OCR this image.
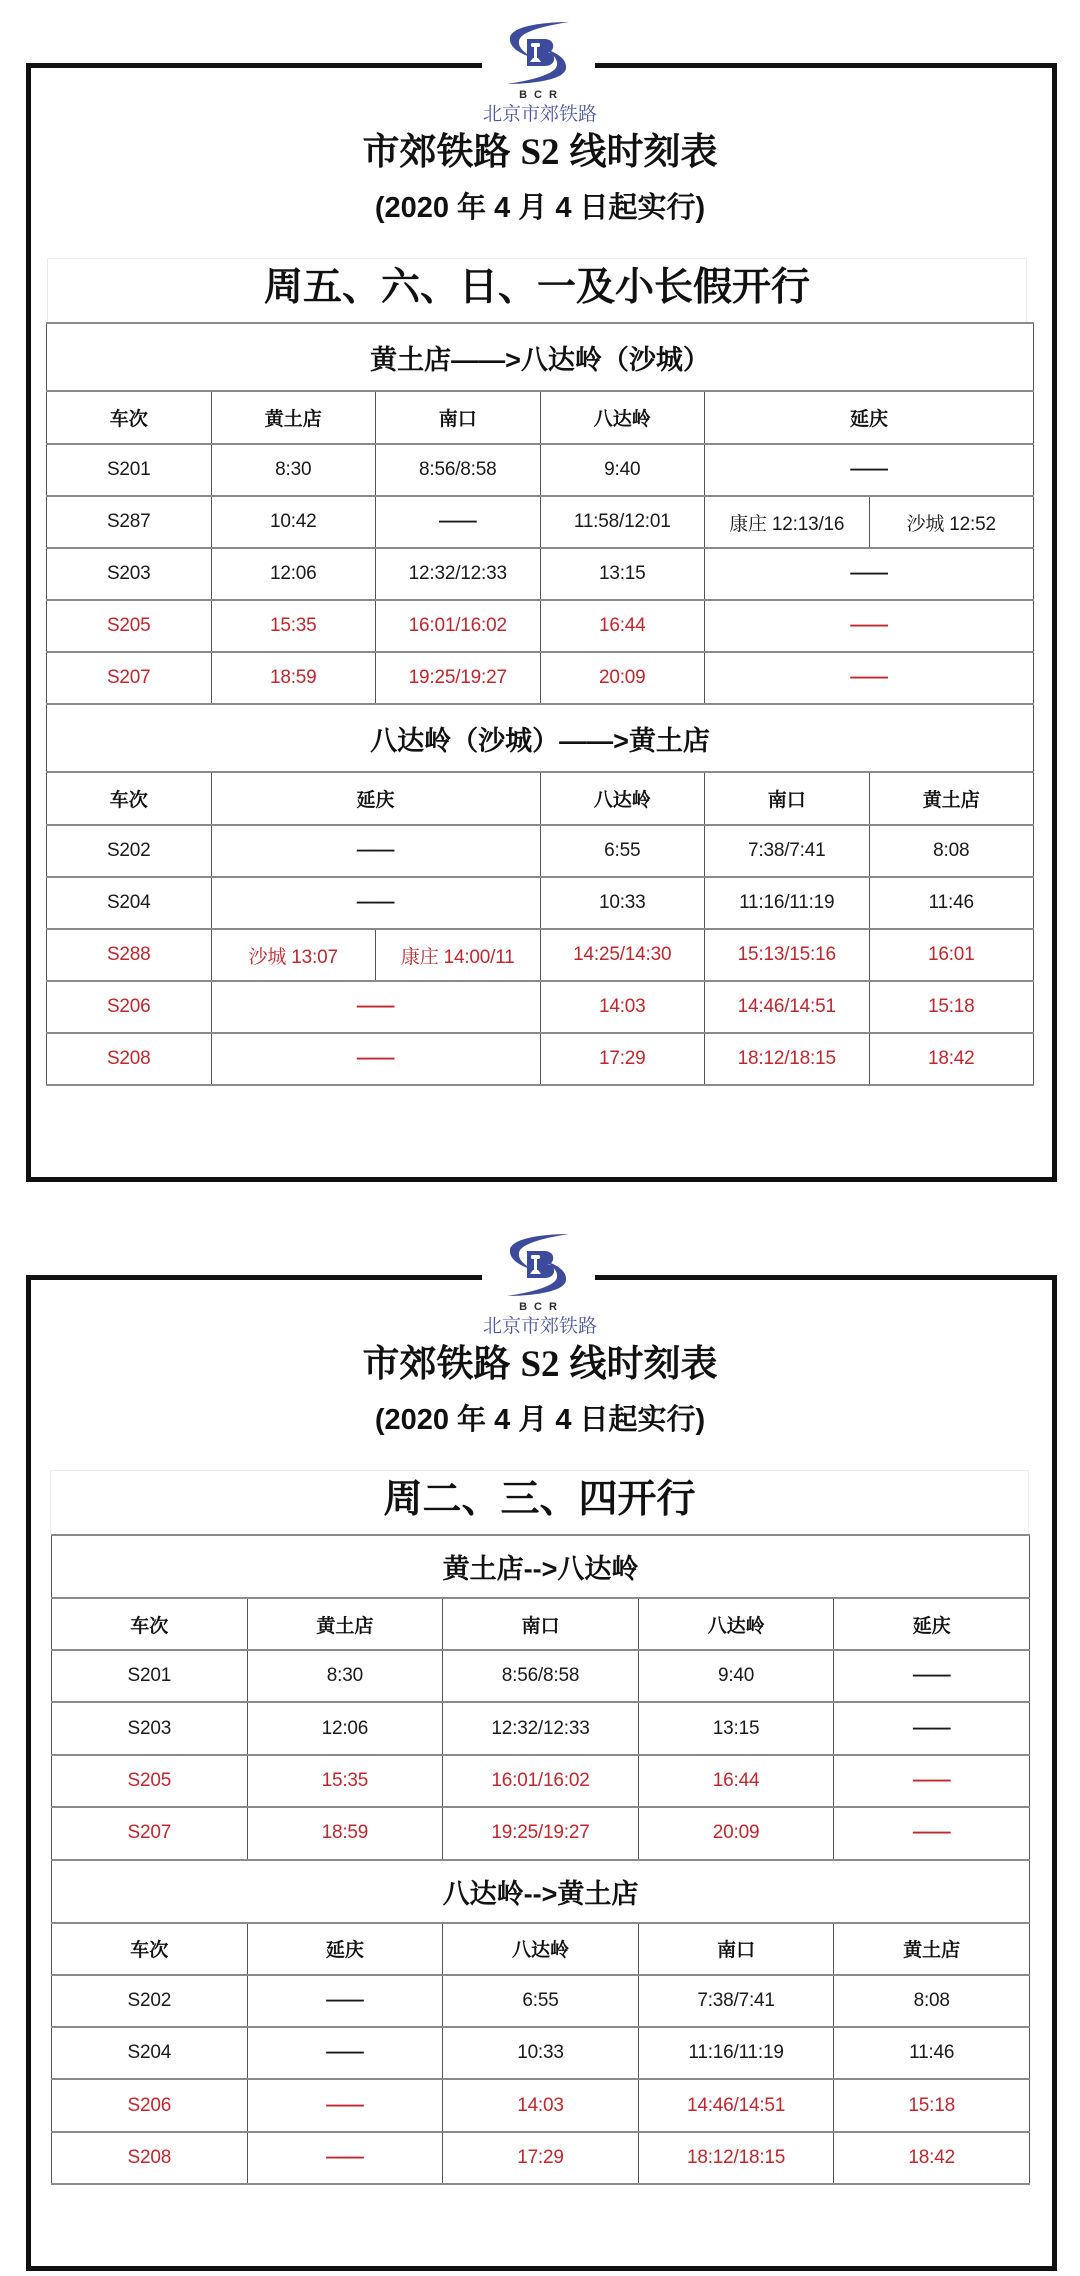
BCR
北京市郊铁路
市郊铁路 S2 线时刻表
(2020 年 4 月 4 日起实行)
周五、六、日、一及小长假开行
黄土店——>八达岭（沙城）					
车次	黄土店	南口	八达岭	延庆	
S201	8:30	8:56/8:58	9:40	——	
S287	10:42	——	11:58/12:01	康庄 12:13/16	沙城 12:52
S203	12:06	12:32/12:33	13:15	——	
S205	15:35	16:01/16:02	16:44	——	
S207	18:59	19:25/19:27	20:09	——	
八达岭（沙城）——>黄土店					
车次	延庆		八达岭	南口	黄土店
S202	——		6:55	7:38/7:41	8:08
S204	——		10:33	11:16/11:19	11:46
S288	沙城 13:07	康庄 14:00/11	14:25/14:30	15:13/15:16	16:01
S206	——		14:03	14:46/14:51	15:18
S208	——		17:29	18:12/18:15	18:42
BCR
北京市郊铁路
市郊铁路 S2 线时刻表
(2020 年 4 月 4 日起实行)
周二、三、四开行
黄土店-->八达岭				
车次	黄土店	南口	八达岭	延庆
S201	8:30	8:56/8:58	9:40	——
S203	12:06	12:32/12:33	13:15	——
S205	15:35	16:01/16:02	16:44	——
S207	18:59	19:25/19:27	20:09	——
八达岭-->黄土店				
车次	延庆	八达岭	南口	黄土店
S202	——	6:55	7:38/7:41	8:08
S204	——	10:33	11:16/11:19	11:46
S206	——	14:03	14:46/14:51	15:18
S208	——	17:29	18:12/18:15	18:42
